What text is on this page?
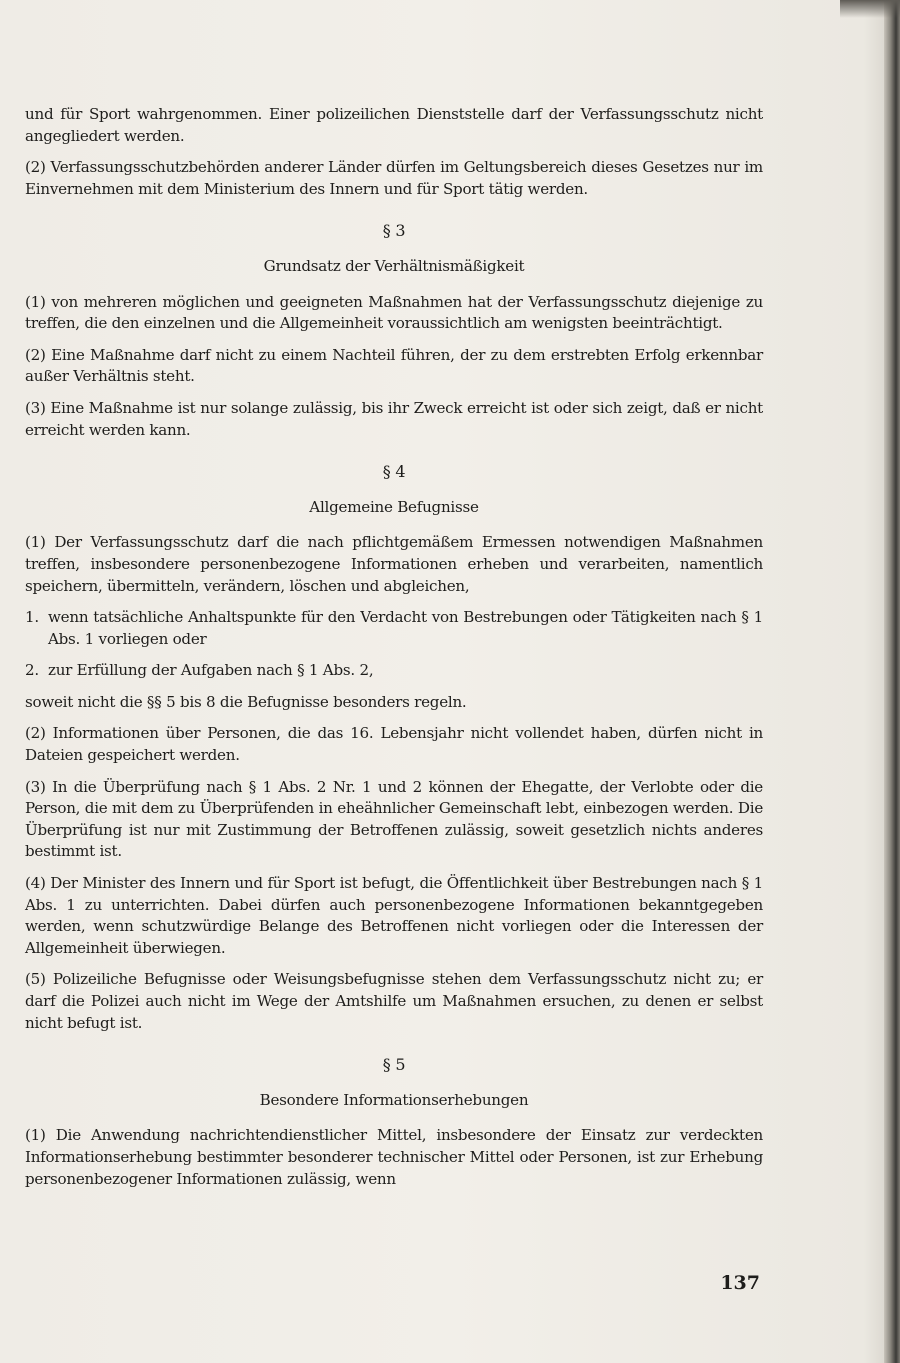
und für Sport wahrgenommen. Einer polizeilichen Dienststelle darf der Verfassungsschutz nicht angegliedert werden.

(2) Verfassungsschutzbehörden anderer Länder dürfen im Geltungsbereich dieses Gesetzes nur im Einvernehmen mit dem Ministerium des Innern und für Sport tätig werden.

§ 3
Grundsatz der Verhältnismäßigkeit

(1) von mehreren möglichen und geeigneten Maßnahmen hat der Verfassungsschutz diejenige zu treffen, die den einzelnen und die Allgemeinheit voraussichtlich am wenigsten beeinträchtigt.

(2) Eine Maßnahme darf nicht zu einem Nachteil führen, der zu dem erstrebten Erfolg erkennbar außer Verhältnis steht.

(3) Eine Maßnahme ist nur solange zulässig, bis ihr Zweck erreicht ist oder sich zeigt, daß er nicht erreicht werden kann.

§ 4
Allgemeine Befugnisse

(1) Der Verfassungsschutz darf die nach pflichtgemäßem Ermessen notwendigen Maßnahmen treffen, insbesondere personenbezogene Informationen erheben und verarbeiten, namentlich speichern, übermitteln, verändern, löschen und abgleichen,

1. wenn tatsächliche Anhaltspunkte für den Verdacht von Bestrebungen oder Tätigkeiten nach § 1 Abs. 1 vorliegen oder
2. zur Erfüllung der Aufgaben nach § 1 Abs. 2,

soweit nicht die §§ 5 bis 8 die Befugnisse besonders regeln.

(2) Informationen über Personen, die das 16. Lebensjahr nicht vollendet haben, dürfen nicht in Dateien gespeichert werden.

(3) In die Überprüfung nach § 1 Abs. 2 Nr. 1 und 2 können der Ehegatte, der Verlobte oder die Person, die mit dem zu Überprüfenden in eheähnlicher Gemeinschaft lebt, einbezogen werden. Die Überprüfung ist nur mit Zustimmung der Betroffenen zulässig, soweit gesetzlich nichts anderes bestimmt ist.

(4) Der Minister des Innern und für Sport ist befugt, die Öffentlichkeit über Bestrebungen nach § 1 Abs. 1 zu unterrichten. Dabei dürfen auch personenbezogene Informationen bekanntgegeben werden, wenn schutzwürdige Belange des Betroffenen nicht vorliegen oder die Interessen der Allgemeinheit überwiegen.

(5) Polizeiliche Befugnisse oder Weisungsbefugnisse stehen dem Verfassungsschutz nicht zu; er darf die Polizei auch nicht im Wege der Amtshilfe um Maßnahmen ersuchen, zu denen er selbst nicht befugt ist.

§ 5
Besondere Informationserhebungen

(1) Die Anwendung nachrichtendienstlicher Mittel, insbesondere der Einsatz zur verdeckten Informationserhebung bestimmter besonderer technischer Mittel oder Personen, ist zur Erhebung personenbezogener Informationen zulässig, wenn

137
